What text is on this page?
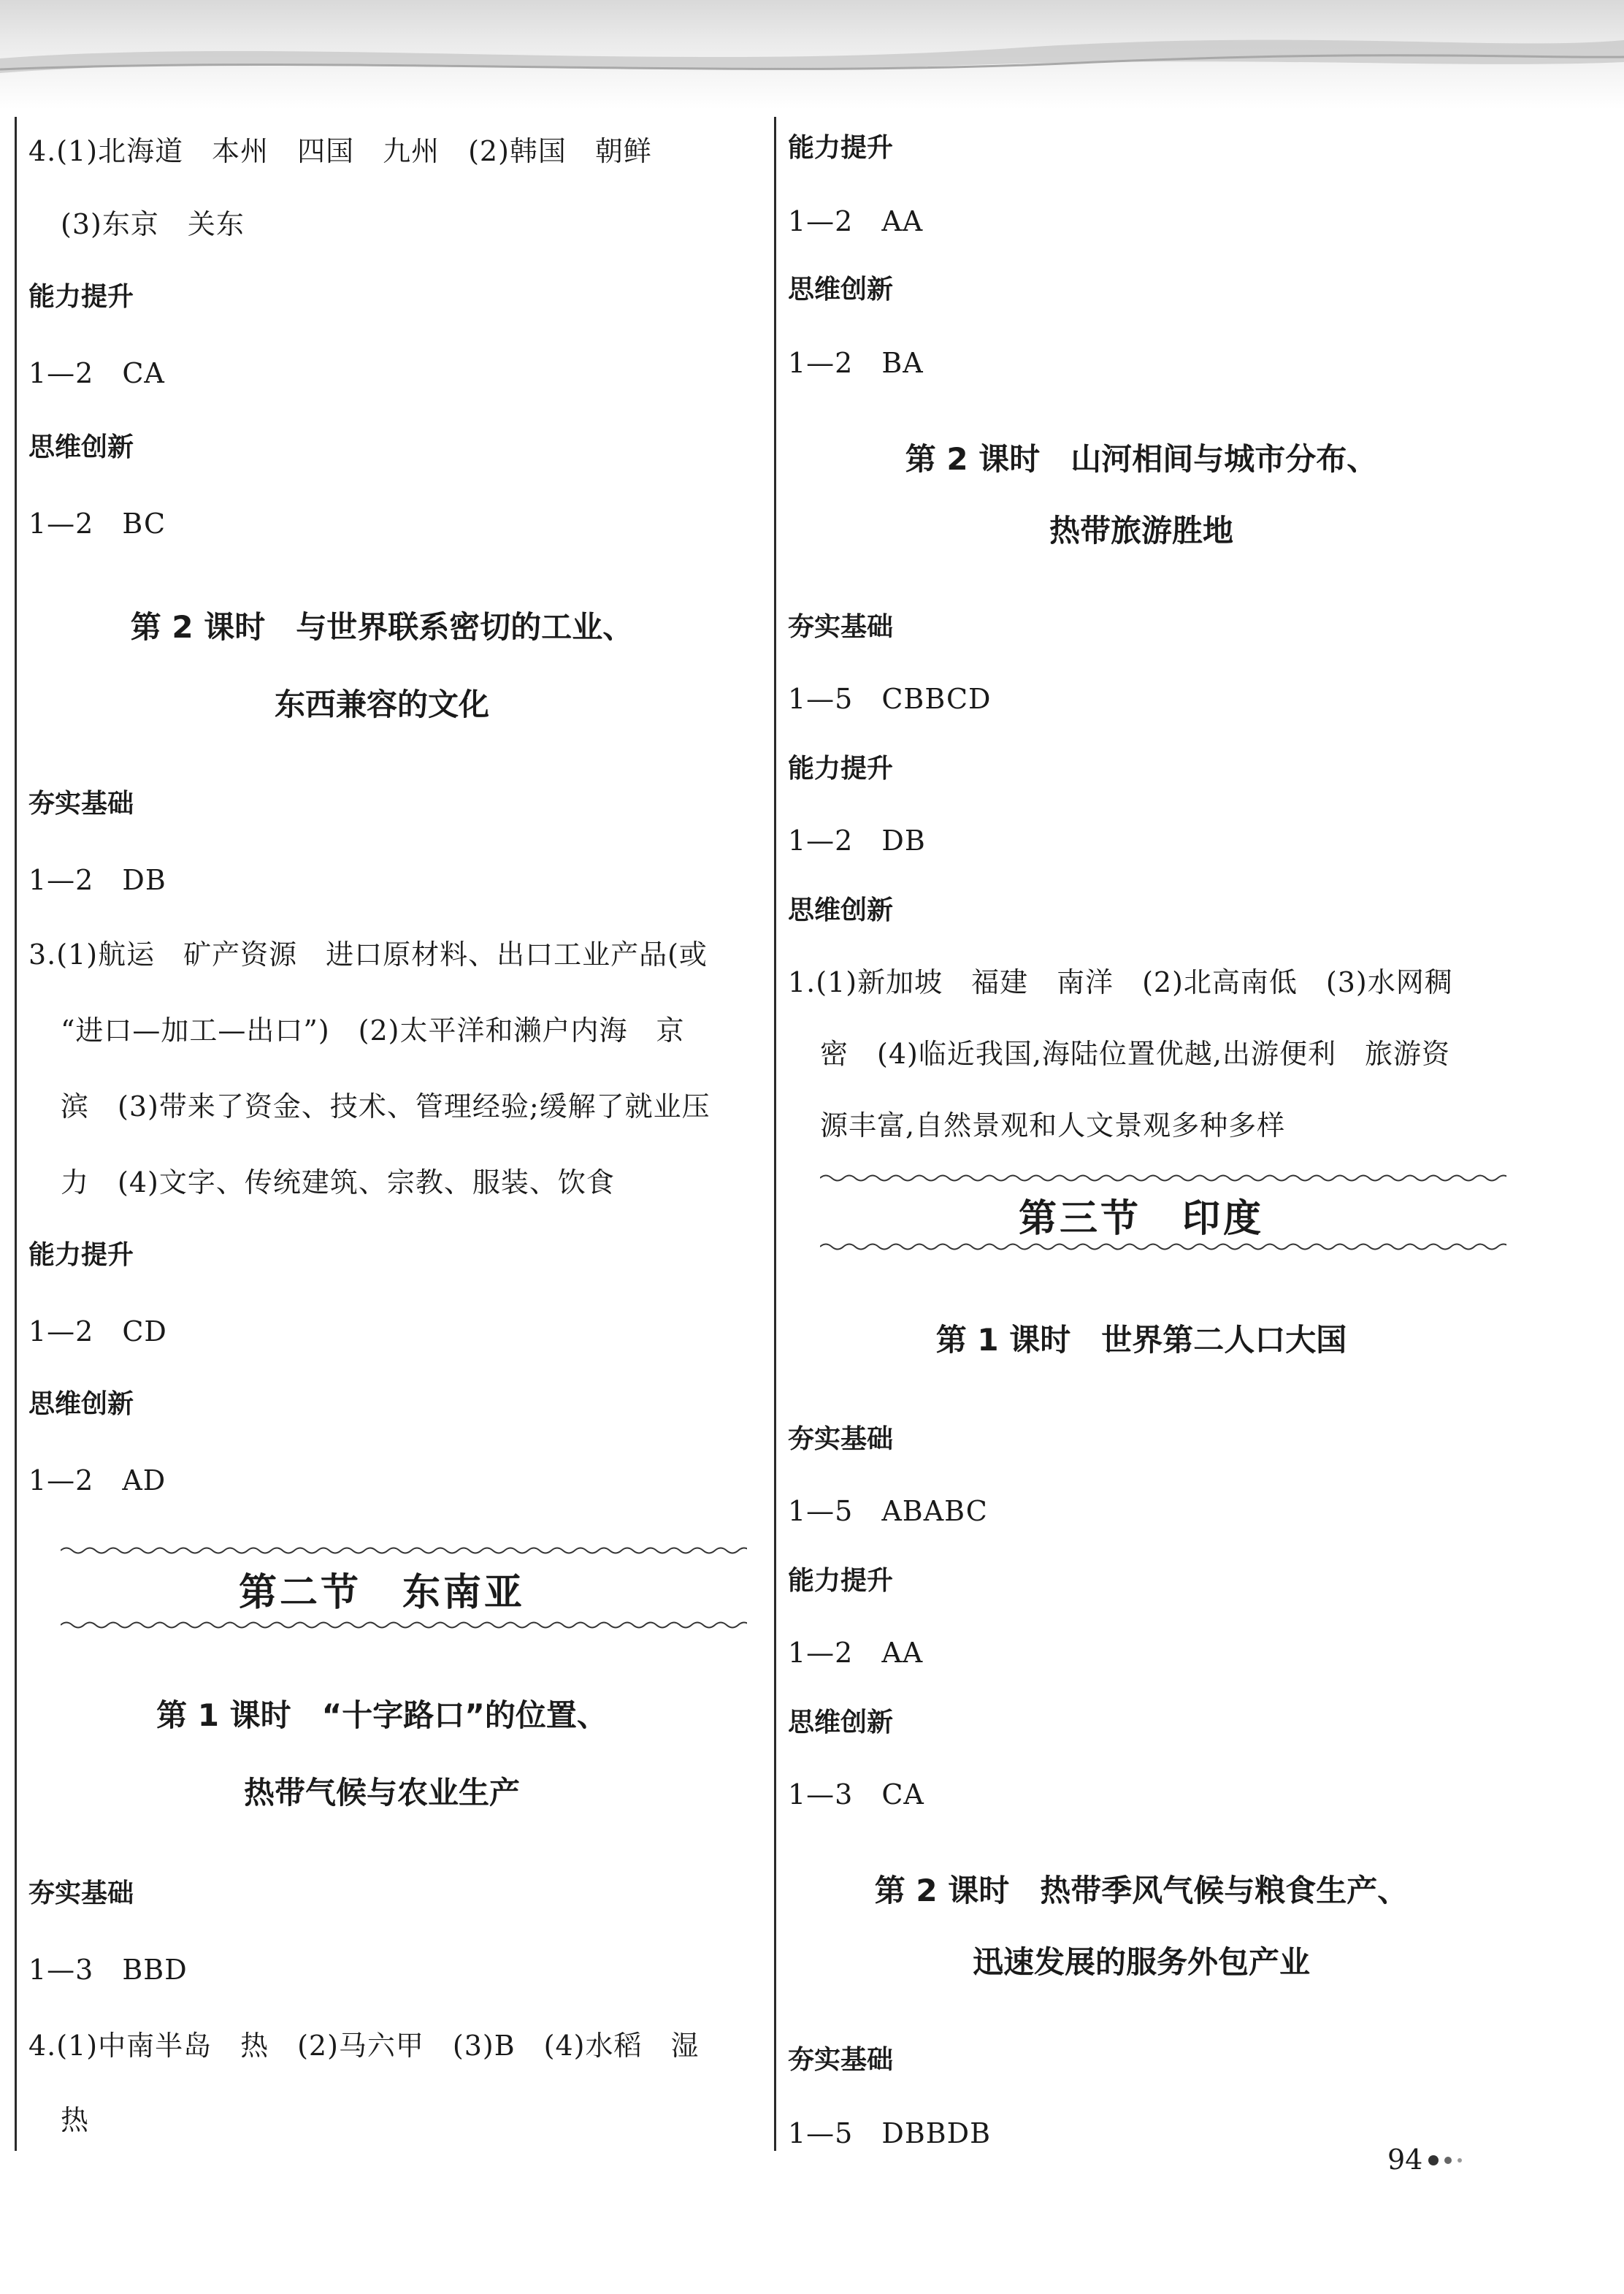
4.(1)北海道　本州　四国　九州　(2)韩国　朝鲜

(3)东京　关东

能力提升

1—2　CA

思维创新

1—2　BC

第 2 课时　与世界联系密切的工业、

东西兼容的文化

夯实基础

1—2　DB

3.(1)航运　矿产资源　进口原材料、出口工业产品(或

“进口—加工—出口”)　(2)太平洋和濑户内海　京

滨　(3)带来了资金、技术、管理经验;缓解了就业压

力　(4)文字、传统建筑、宗教、服装、饮食

能力提升

1—2　CD

思维创新

1—2　AD

第二节　东南亚

第 1 课时　“十字路口”的位置、

热带气候与农业生产

夯实基础

1—3　BBD

4.(1)中南半岛　热　(2)马六甲　(3)B　(4)水稻　湿

热

能力提升

1—2　AA

思维创新

1—2　BA

第 2 课时　山河相间与城市分布、

热带旅游胜地

夯实基础

1—5　CBBCD

能力提升

1—2　DB

思维创新

1.(1)新加坡　福建　南洋　(2)北高南低　(3)水网稠

密　(4)临近我国,海陆位置优越,出游便利　旅游资

源丰富,自然景观和人文景观多种多样

第三节　印度

第 1 课时　世界第二人口大国

夯实基础

1—5　ABABC

能力提升

1—2　AA

思维创新

1—3　CA

第 2 课时　热带季风气候与粮食生产、

迅速发展的服务外包产业

夯实基础

1—5　DBBDB

94
